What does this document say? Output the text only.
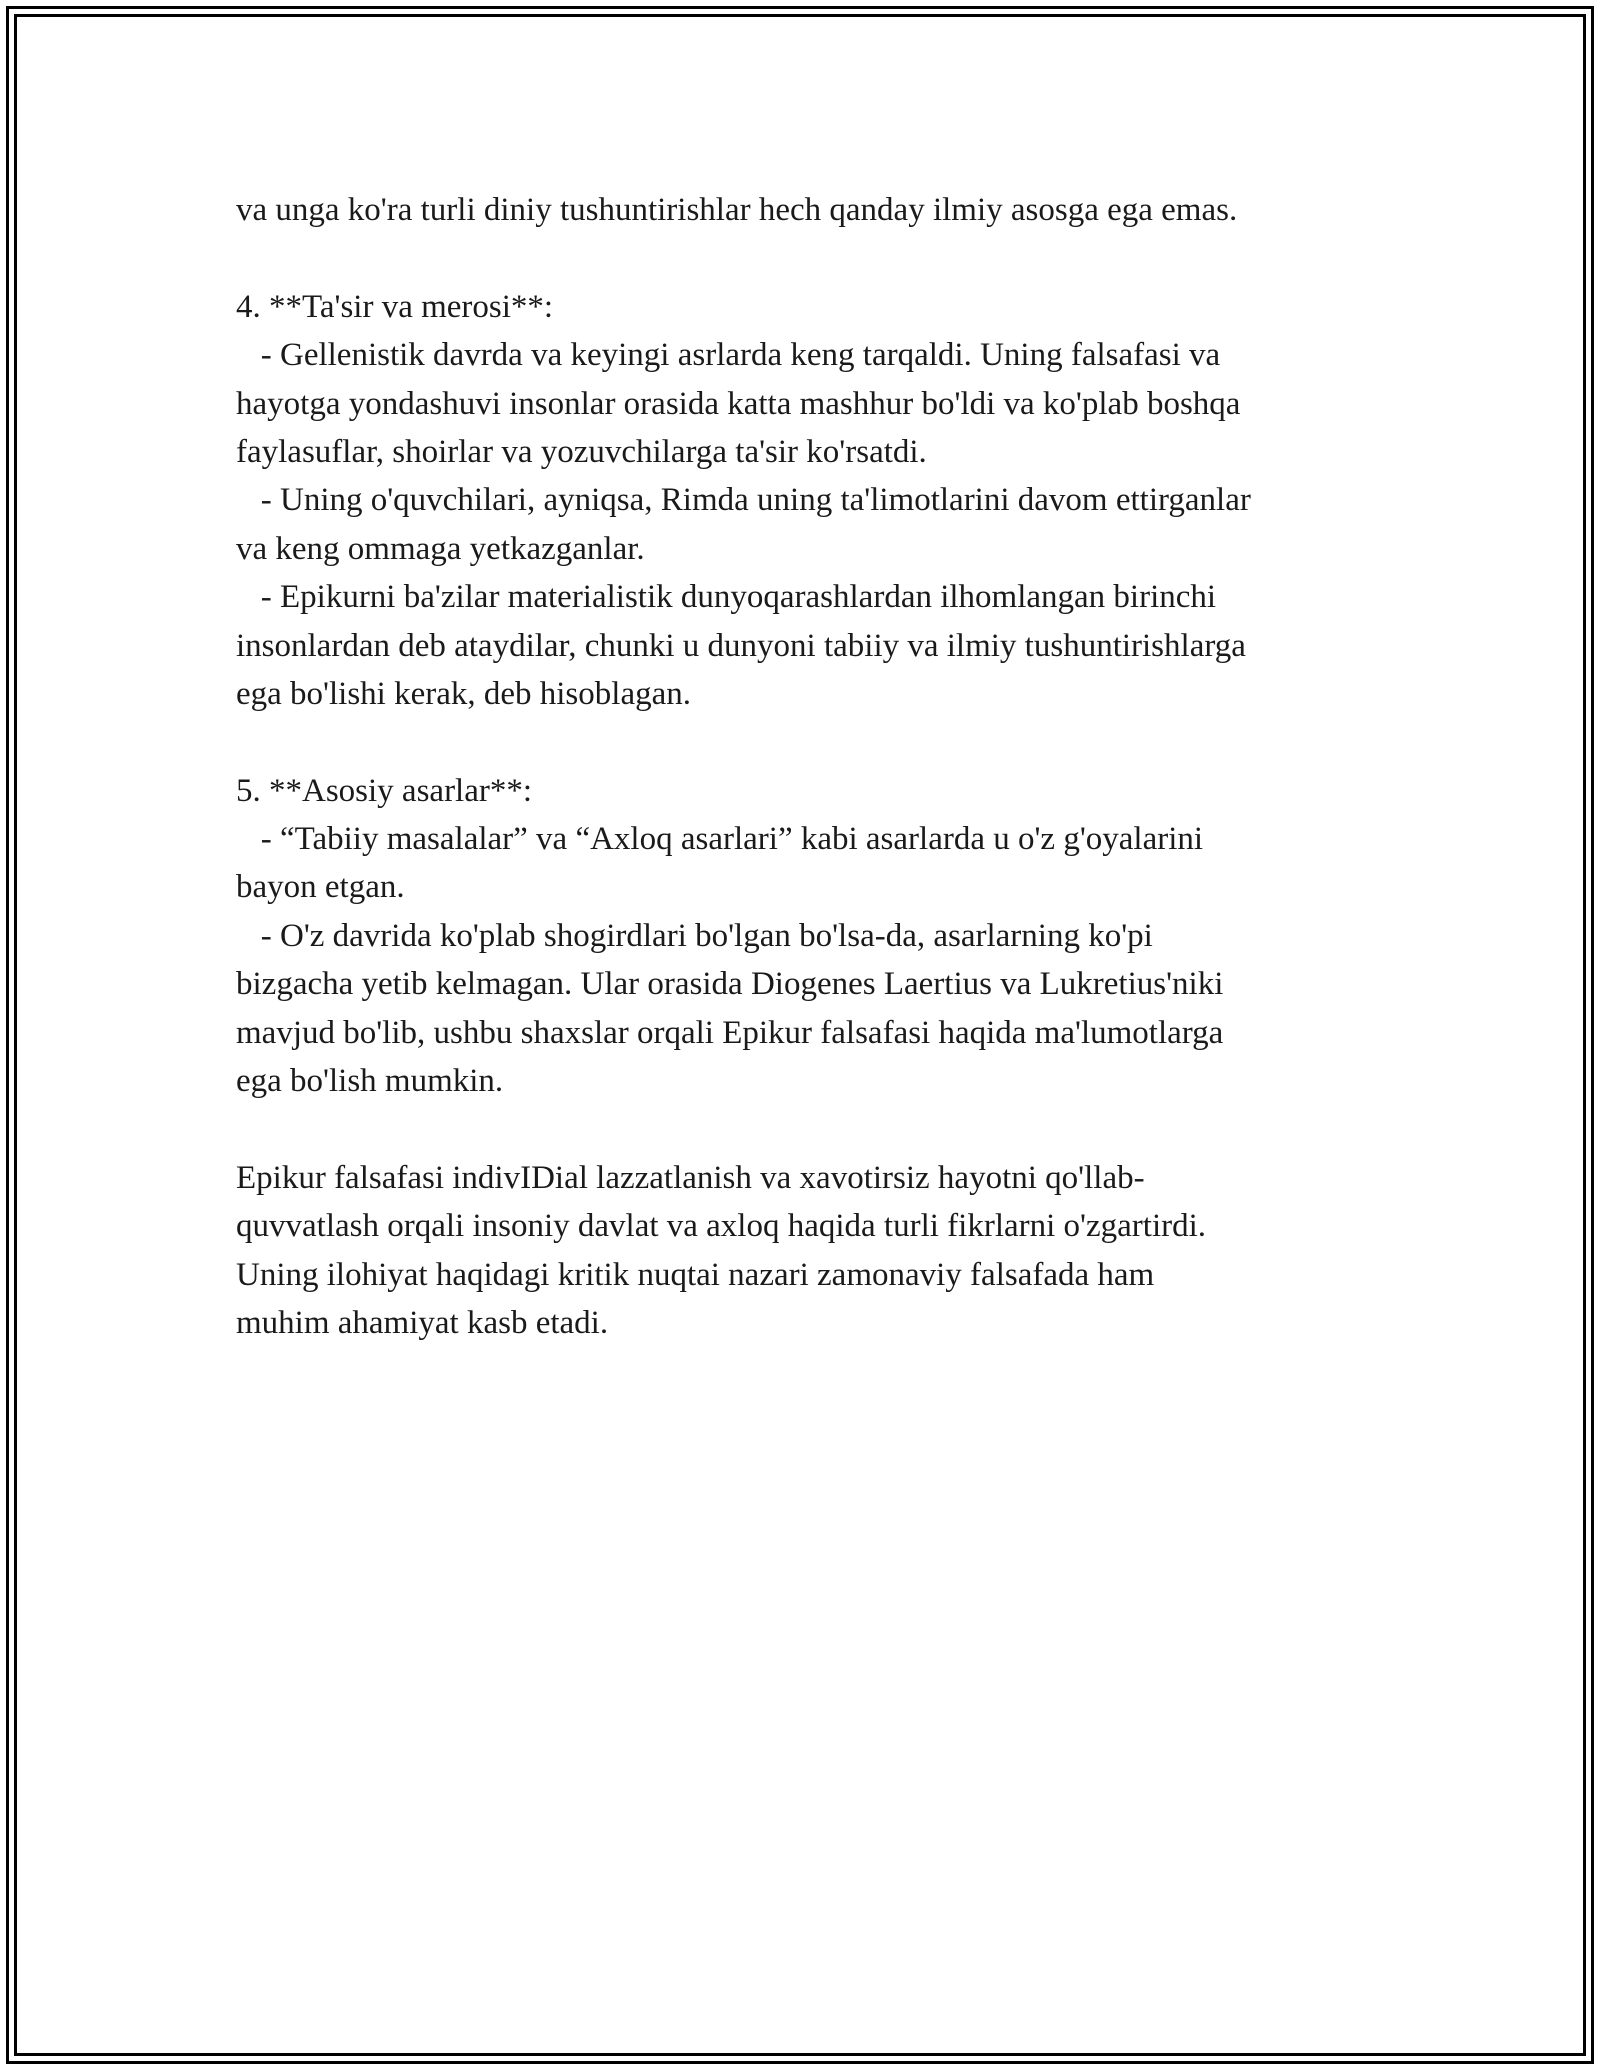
va unga ko'ra turli diniy tushuntirishlar hech qanday ilmiy asosga ega emas.
4. **Ta'sir va merosi**:
- Gellenistik davrda va keyingi asrlarda keng tarqaldi. Uning falsafasi va
hayotga yondashuvi insonlar orasida katta mashhur bo'ldi va ko'plab boshqa
faylasuflar, shoirlar va yozuvchilarga ta'sir ko'rsatdi.
- Uning o'quvchilari, ayniqsa, Rimda uning ta'limotlarini davom ettirganlar
va keng ommaga yetkazganlar.
- Epikurni ba'zilar materialistik dunyoqarashlardan ilhomlangan birinchi
insonlardan deb ataydilar, chunki u dunyoni tabiiy va ilmiy tushuntirishlarga
ega bo'lishi kerak, deb hisoblagan.
5. **Asosiy asarlar**:
- “Tabiiy masalalar” va “Axloq asarlari” kabi asarlarda u o'z g'oyalarini
bayon etgan.
- O'z davrida ko'plab shogirdlari bo'lgan bo'lsa-da, asarlarning ko'pi
bizgacha yetib kelmagan. Ular orasida Diogenes Laertius va Lukretius'niki
mavjud bo'lib, ushbu shaxslar orqali Epikur falsafasi haqida ma'lumotlarga
ega bo'lish mumkin.
Epikur falsafasi indivIDial lazzatlanish va xavotirsiz hayotni qo'llab-
quvvatlash orqali insoniy davlat va axloq haqida turli fikrlarni o'zgartirdi.
Uning ilohiyat haqidagi kritik nuqtai nazari zamonaviy falsafada ham
muhim ahamiyat kasb etadi.
